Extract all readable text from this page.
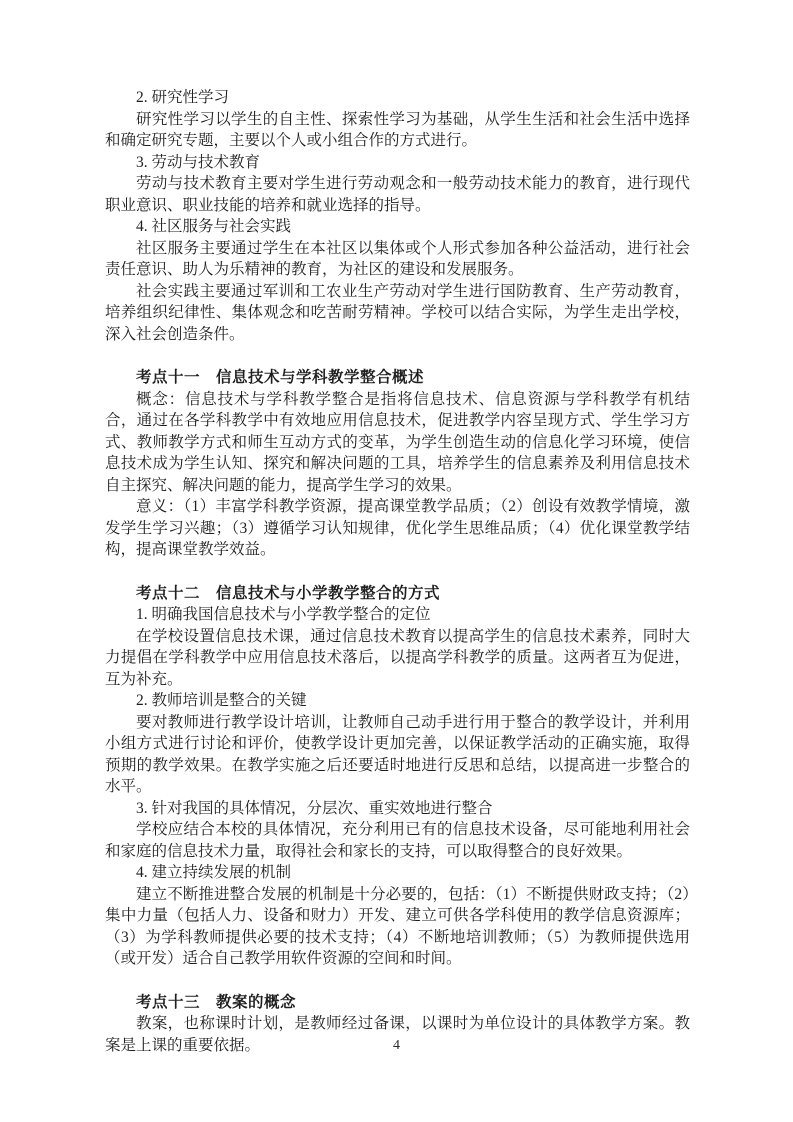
2. 研究性学习

研究性学习以学生的自主性、探索性学习为基础，从学生生活和社会生活中选择和确定研究专题，主要以个人或小组合作的方式进行。

3. 劳动与技术教育

劳动与技术教育主要对学生进行劳动观念和一般劳动技术能力的教育，进行现代职业意识、职业技能的培养和就业选择的指导。

4. 社区服务与社会实践

社区服务主要通过学生在本社区以集体或个人形式参加各种公益活动，进行社会责任意识、助人为乐精神的教育，为社区的建设和发展服务。

社会实践主要通过军训和工农业生产劳动对学生进行国防教育、生产劳动教育，培养组织纪律性、集体观念和吃苦耐劳精神。学校可以结合实际，为学生走出学校，深入社会创造条件。

考点十一　信息技术与学科教学整合概述

概念：信息技术与学科教学整合是指将信息技术、信息资源与学科教学有机结合，通过在各学科教学中有效地应用信息技术，促进教学内容呈现方式、学生学习方式、教师教学方式和师生互动方式的变革，为学生创造生动的信息化学习环境，使信息技术成为学生认知、探究和解决问题的工具，培养学生的信息素养及利用信息技术自主探究、解决问题的能力，提高学生学习的效果。

意义：（1）丰富学科教学资源，提高课堂教学品质；（2）创设有效教学情境，激发学生学习兴趣；（3）遵循学习认知规律，优化学生思维品质；（4）优化课堂教学结构，提高课堂教学效益。

考点十二　信息技术与小学教学整合的方式

1. 明确我国信息技术与小学教学整合的定位

在学校设置信息技术课，通过信息技术教育以提高学生的信息技术素养，同时大力提倡在学科教学中应用信息技术落后，以提高学科教学的质量。这两者互为促进，互为补充。

2. 教师培训是整合的关键

要对教师进行教学设计培训，让教师自己动手进行用于整合的教学设计，并利用小组方式进行讨论和评价，使教学设计更加完善，以保证教学活动的正确实施，取得预期的教学效果。在教学实施之后还要适时地进行反思和总结，以提高进一步整合的水平。

3. 针对我国的具体情况，分层次、重实效地进行整合

学校应结合本校的具体情况，充分利用已有的信息技术设备，尽可能地利用社会和家庭的信息技术力量，取得社会和家长的支持，可以取得整合的良好效果。

4. 建立持续发展的机制

建立不断推进整合发展的机制是十分必要的，包括：（1）不断提供财政支持；（2）集中力量（包括人力、设备和财力）开发、建立可供各学科使用的教学信息资源库；（3）为学科教师提供必要的技术支持；（4）不断地培训教师；（5）为教师提供选用（或开发）适合自己教学用软件资源的空间和时间。

考点十三　教案的概念

教案，也称课时计划，是教师经过备课，以课时为单位设计的具体教学方案。教案是上课的重要依据。	4
